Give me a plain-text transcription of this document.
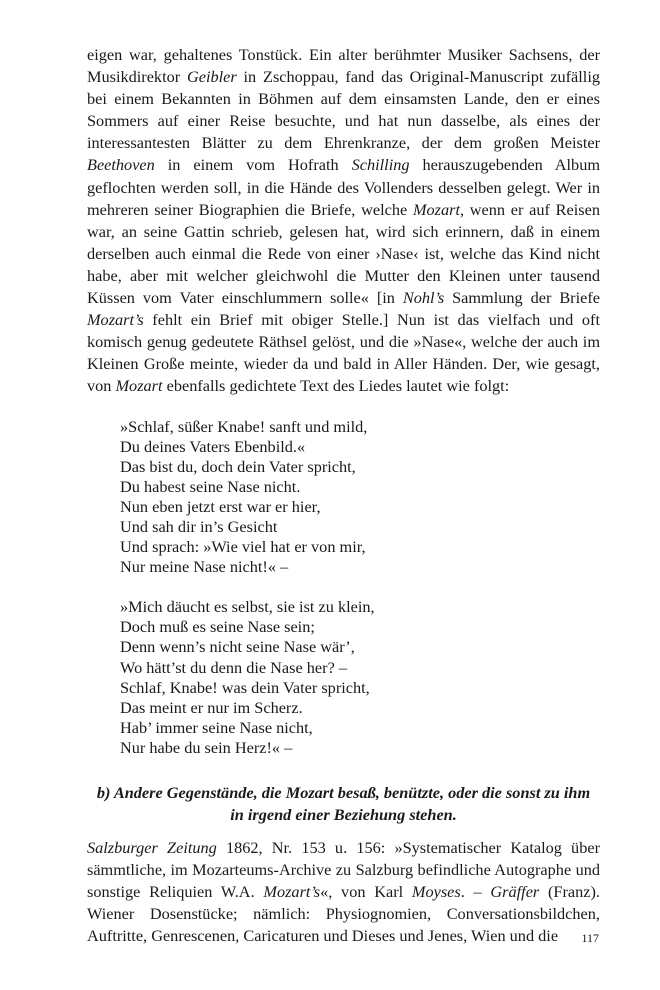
eigen war, gehaltenes Tonstück. Ein alter berühmter Musiker Sachsens, der Musikdirektor Geibler in Zschoppau, fand das Original-Manuscript zufällig bei einem Bekannten in Böhmen auf dem einsamsten Lande, den er eines Sommers auf einer Reise besuchte, und hat nun dasselbe, als eines der interessantesten Blätter zu dem Ehrenkranze, der dem großen Meister Beethoven in einem vom Hofrath Schilling herauszugebenden Album geflochten werden soll, in die Hände des Vollenders desselben gelegt. Wer in mehreren seiner Biographien die Briefe, welche Mozart, wenn er auf Reisen war, an seine Gattin schrieb, gelesen hat, wird sich erinnern, daß in einem derselben auch einmal die Rede von einer ›Nase‹ ist, welche das Kind nicht habe, aber mit welcher gleichwohl die Mutter den Kleinen unter tausend Küssen vom Vater einschlummern solle« [in Nohl’s Sammlung der Briefe Mozart’s fehlt ein Brief mit obiger Stelle.] Nun ist das vielfach und oft komisch genug gedeutete Räthsel gelöst, und die »Nase«, welche der auch im Kleinen Große meinte, wieder da und bald in Aller Händen. Der, wie gesagt, von Mozart ebenfalls gedichtete Text des Liedes lautet wie folgt:

»Schlaf, süßer Knabe! sanft und mild,
Du deines Vaters Ebenbild.«
Das bist du, doch dein Vater spricht,
Du habest seine Nase nicht.
Nun eben jetzt erst war er hier,
Und sah dir in’s Gesicht
Und sprach: »Wie viel hat er von mir,
Nur meine Nase nicht!« –
»Mich däucht es selbst, sie ist zu klein,
Doch muß es seine Nase sein;
Denn wenn’s nicht seine Nase wär’,
Wo hätt’st du denn die Nase her? –
Schlaf, Knabe! was dein Vater spricht,
Das meint er nur im Scherz.
Hab’ immer seine Nase nicht,
Nur habe du sein Herz!« –
b) Andere Gegenstände, die Mozart besaß, benützte, oder die sonst zu ihm
in irgend einer Beziehung stehen.

Salzburger Zeitung 1862, Nr. 153 u. 156: »Systematischer Katalog über sämmtliche, im Mozarteums-Archive zu Salzburg befindliche Autographe und sonstige Reliquien W.A. Mozart’s«, von Karl Moyses. – Gräffer (Franz). Wiener Dosenstücke; nämlich: Physiognomien, Conversationsbildchen, Auftritte, Genrescenen, Caricaturen und Dieses und Jenes, Wien und die	117
